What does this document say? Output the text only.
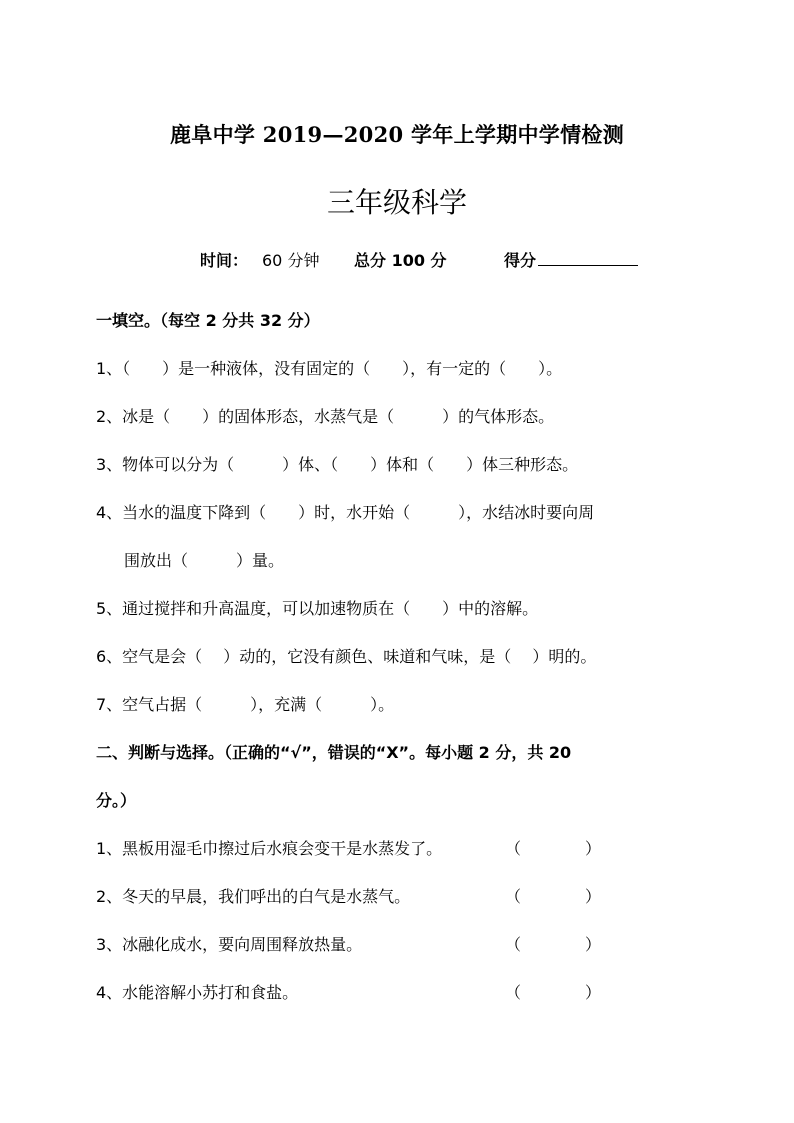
鹿阜中学 2019—2020 学年上学期中学情检测
三年级科学
时间： 60 分钟 总分 100 分	得分
一填空。（每空 2 分共 32 分）
1、（　　）是一种液体，没有固定的（　　），有一定的（　　）。
2、冰是（　　）的固体形态，水蒸气是（　　　）的气体形态。
3、物体可以分为（　　　）体、（　　）体和（　　）体三种形态。
4、当水的温度下降到（　　）时，水开始（　　　），水结冰时要向周
围放出（　　　）量。
5、通过搅拌和升高温度，可以加速物质在（　　）中的溶解。
6、空气是会（　 ）动的，它没有颜色、味道和气味，是（　 ）明的。
7、空气占据（　　　），充满（　　　）。
二、判断与选择。（正确的“√”，错误的“X”。每小题 2 分，共 20
分。）
1、黑板用湿毛巾擦过后水痕会变干是水蒸发了。	（　　　　）
2、冬天的早晨，我们呼出的白气是水蒸气。	（　　　　）
3、冰融化成水，要向周围释放热量。	（　　　　）
4、水能溶解小苏打和食盐。	（　　　　）
